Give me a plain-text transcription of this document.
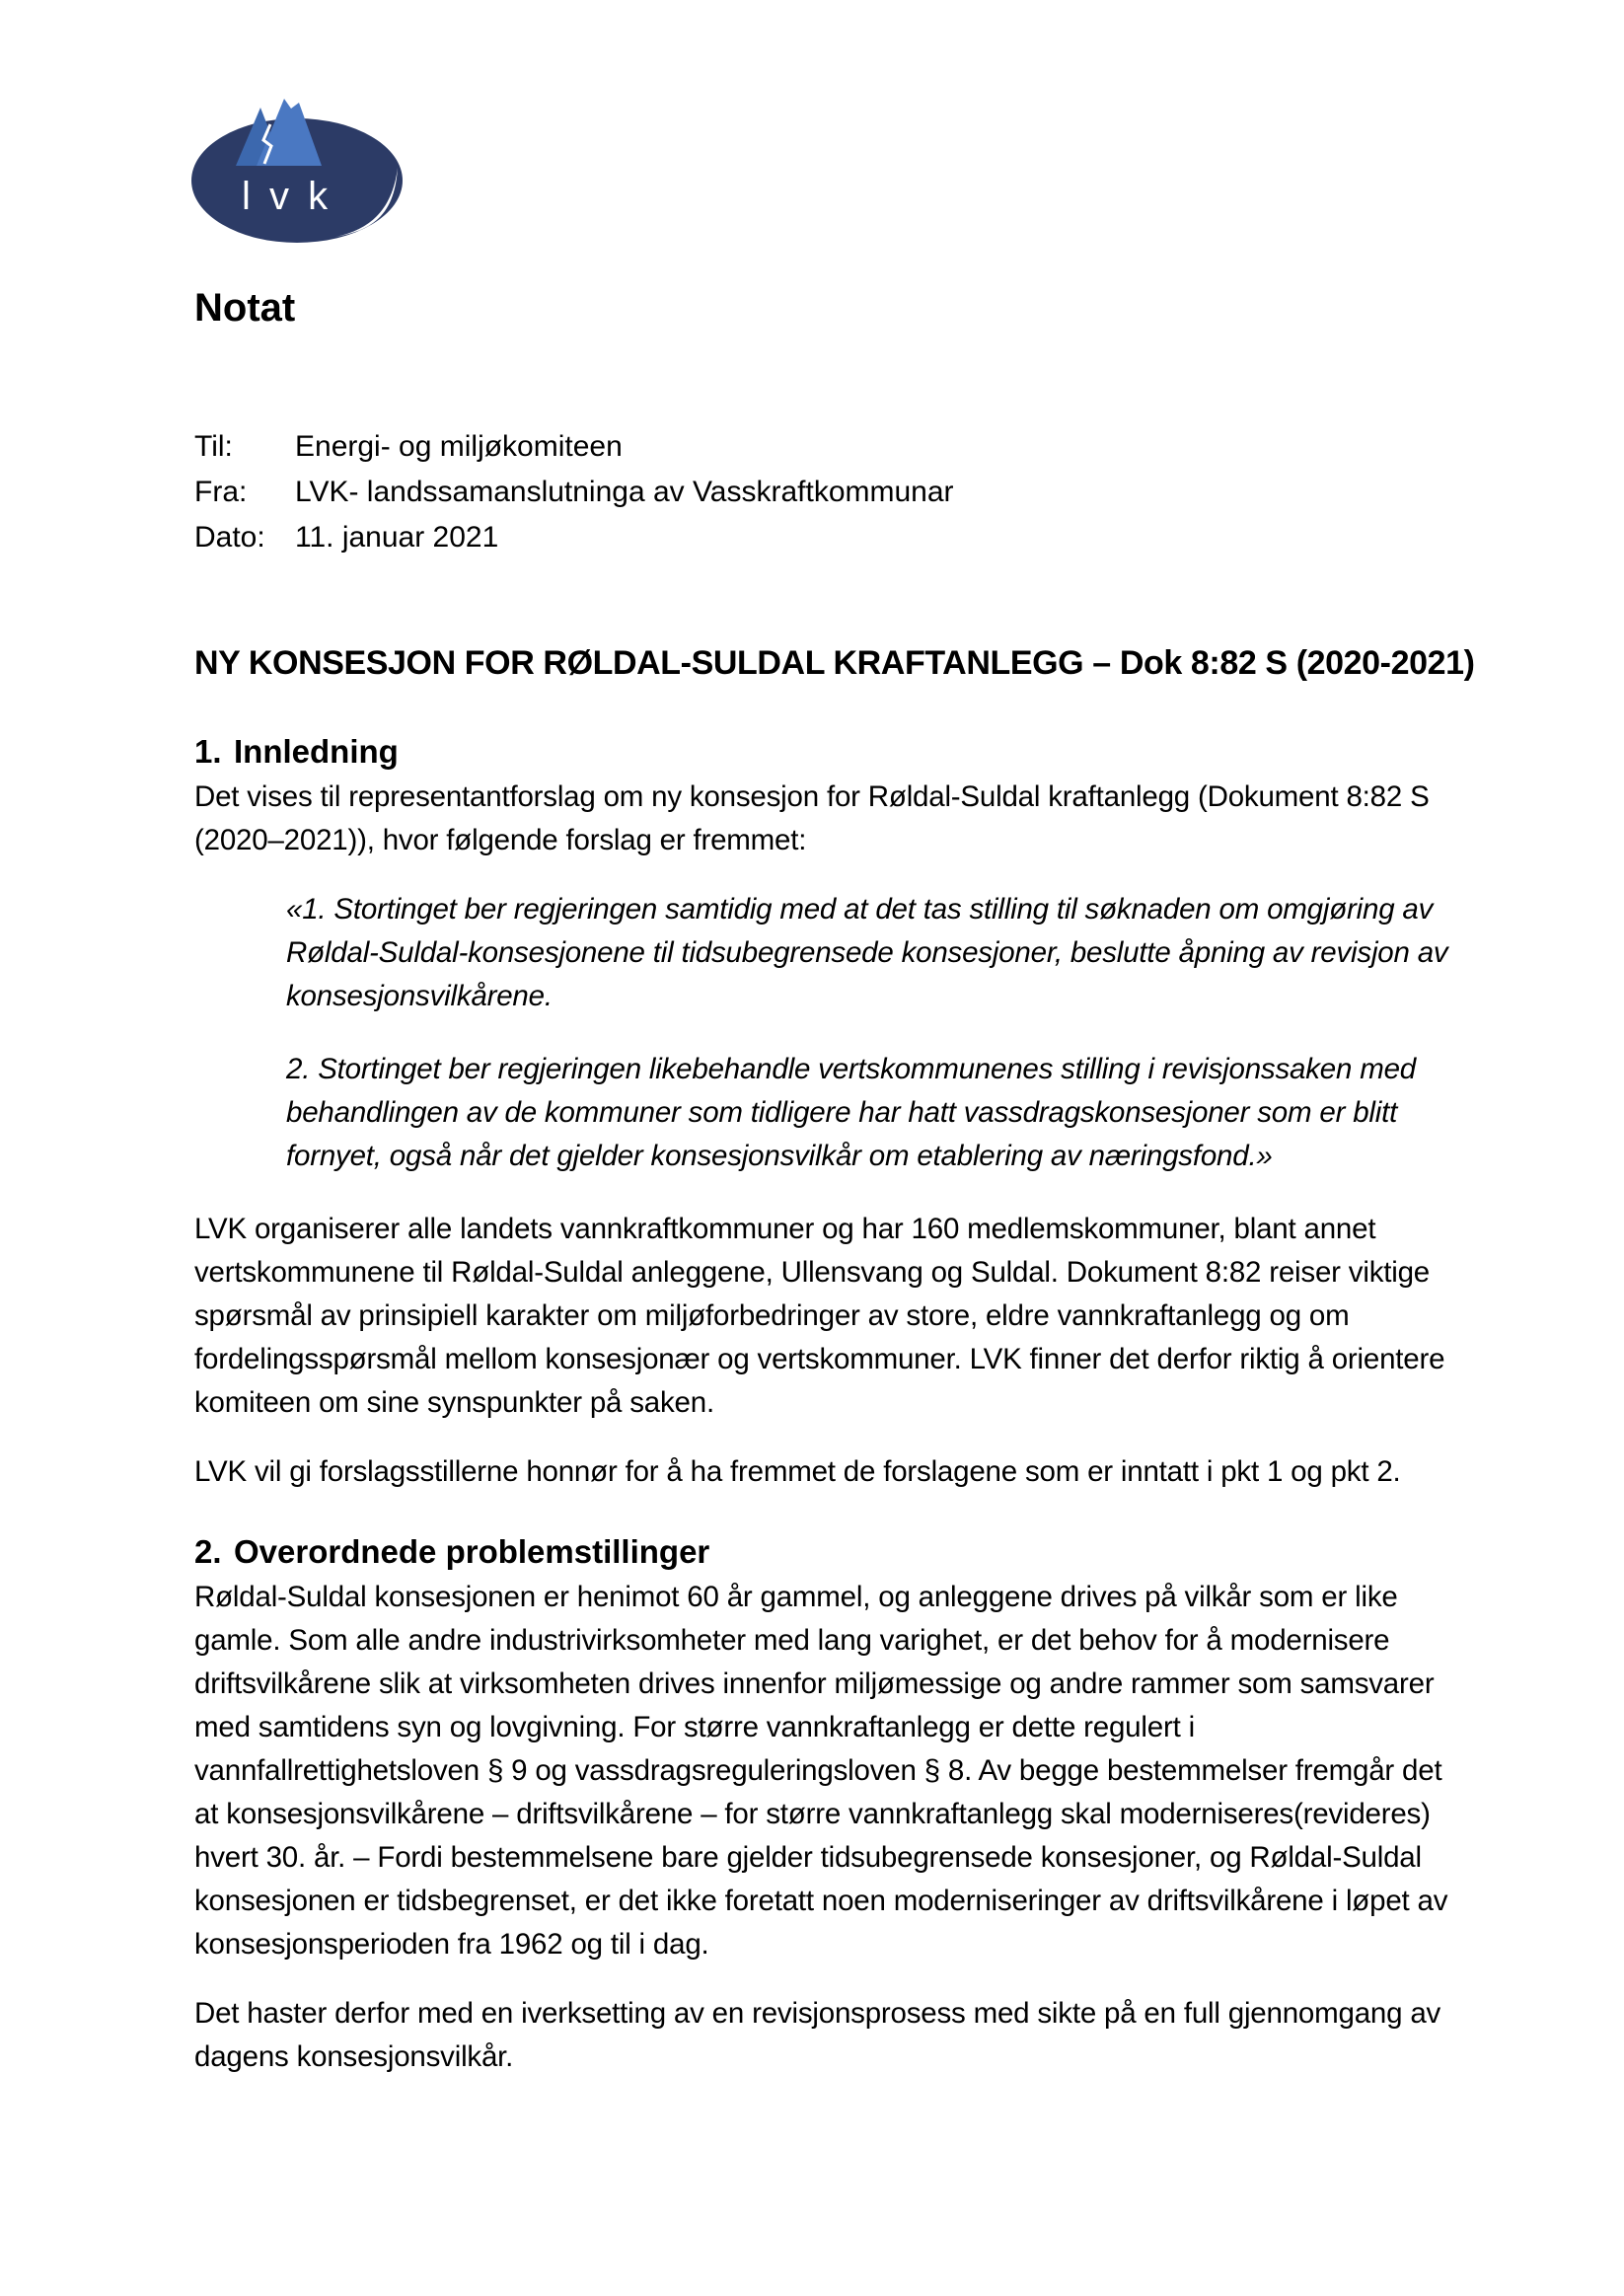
l v k
Notat
Til:	Energi- og miljøkomiteen
Fra:	LVK- landssamanslutninga av Vasskraftkommunar
Dato:	11. januar 2021
NY KONSESJON FOR RØLDAL-SULDAL KRAFTANLEGG – Dok 8:82 S (2020-2021)
1. Innledning

Det vises til representantforslag om ny konsesjon for Røldal-Suldal kraftanlegg (Dokument 8:82 S (2020–2021)), hvor følgende forslag er fremmet:

«1. Stortinget ber regjeringen samtidig med at det tas stilling til søknaden om omgjøring av Røldal-Suldal-konsesjonene til tidsubegrensede konsesjoner, beslutte åpning av revisjon av konsesjonsvilkårene.

2. Stortinget ber regjeringen likebehandle vertskommunenes stilling i revisjonssaken med behandlingen av de kommuner som tidligere har hatt vassdragskonsesjoner som er blitt fornyet, også når det gjelder konsesjonsvilkår om etablering av næringsfond.»

LVK organiserer alle landets vannkraftkommuner og har 160 medlemskommuner, blant annet vertskommunene til Røldal-Suldal anleggene, Ullensvang og Suldal. Dokument 8:82 reiser viktige spørsmål av prinsipiell karakter om miljøforbedringer av store, eldre vannkraftanlegg og om fordelingsspørsmål mellom konsesjonær og vertskommuner. LVK finner det derfor riktig å orientere komiteen om sine synspunkter på saken.

LVK vil gi forslagsstillerne honnør for å ha fremmet de forslagene som er inntatt i pkt 1 og pkt 2.

2. Overordnede problemstillinger

Røldal-Suldal konsesjonen er henimot 60 år gammel, og anleggene drives på vilkår som er like gamle. Som alle andre industrivirksomheter med lang varighet, er det behov for å modernisere driftsvilkårene slik at virksomheten drives innenfor miljømessige og andre rammer som samsvarer med samtidens syn og lovgivning. For større vannkraftanlegg er dette regulert i vannfallrettighetsloven § 9 og vassdragsreguleringsloven § 8. Av begge bestemmelser fremgår det at konsesjonsvilkårene – driftsvilkårene – for større vannkraftanlegg skal moderniseres(revideres) hvert 30. år. – Fordi bestemmelsene bare gjelder tidsubegrensede konsesjoner, og Røldal-Suldal konsesjonen er tidsbegrenset, er det ikke foretatt noen moderniseringer av driftsvilkårene i løpet av konsesjonsperioden fra 1962 og til i dag.

Det haster derfor med en iverksetting av en revisjonsprosess med sikte på en full gjennomgang av dagens konsesjonsvilkår.
